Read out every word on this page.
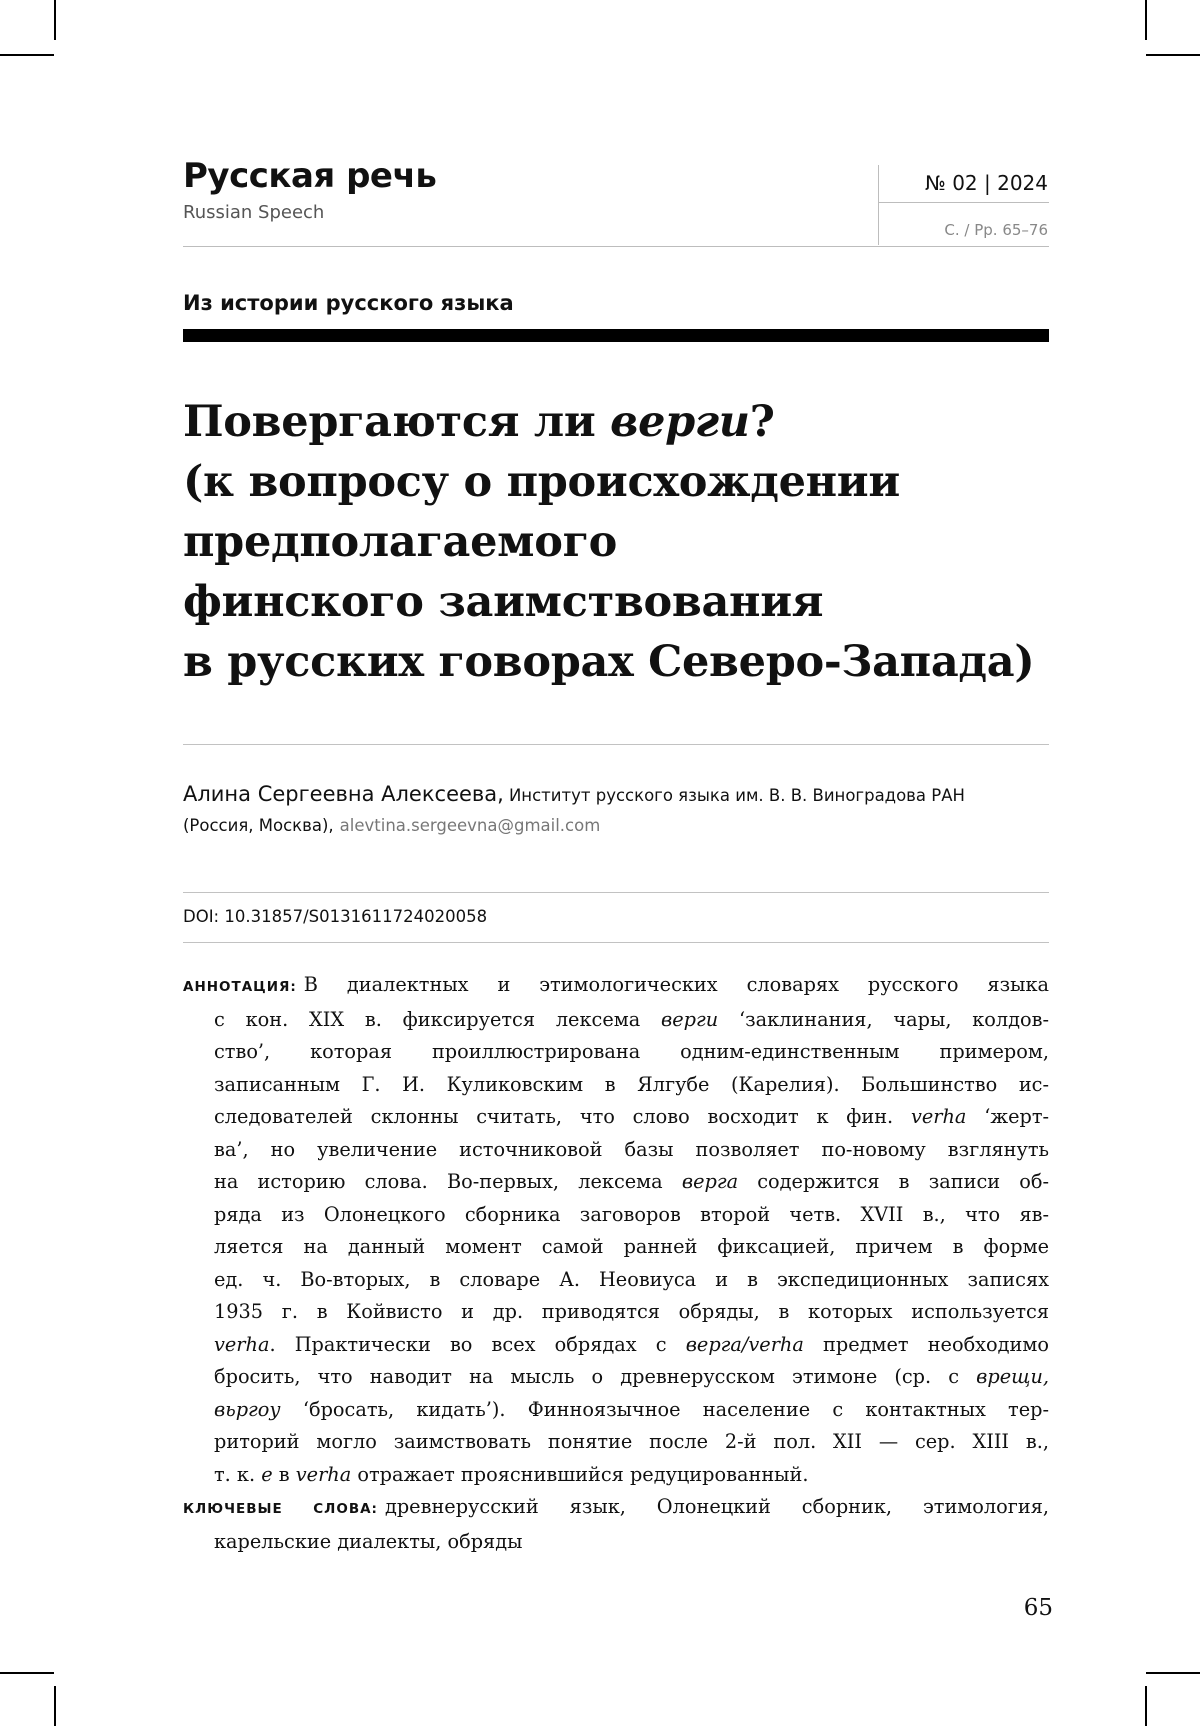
Русская речь
Russian Speech
№ 02 | 2024
С. / Pp. 65–76
Из истории русского языка
Повергаются ли верги?
(к вопросу о происхождении
предполагаемого
финского заимствования
в русских говорах Северо-Запада)
Алина Сергеевна Алексеева, Институт русского языка им. В. В. Виноградова РАН
(Россия, Москва), alevtina.sergeevna@gmail.com
DOI: 10.31857/S0131611724020058
АННОТАЦИЯ: В диалектных и этимологических словарях русского языка
с кон. XIX в. фиксируется лексема верги ‘заклинания, чары, колдов-
ство’, которая проиллюстрирована одним-единственным примером,
записанным Г. И. Куликовским в Ялгубе (Карелия). Большинство ис-
следователей склонны считать, что слово восходит к фин. verha ‘жерт-
ва’, но увеличение источниковой базы позволяет по-новому взглянуть
на историю слова. Во-первых, лексема верга содержится в записи об-
ряда из Олонецкого сборника заговоров второй четв. XVII в., что яв-
ляется на данный момент самой ранней фиксацией, причем в форме
ед. ч. Во-вторых, в словаре А. Неовиуса и в экспедиционных записях
1935 г. в Койвисто и др. приводятся обряды, в которых используется
verha. Практически во всех обрядах с верга/verha предмет необходимо
бросить, что наводит на мысль о древнерусском этимоне (ср. с врещи,
вьргоу ‘бросать, кидать’). Финноязычное население с контактных тер-
риторий могло заимствовать понятие после 2-й пол. XII — сер. XIII в.,
т. к. е в verha отражает прояснившийся редуцированный.
КЛЮЧЕВЫЕ СЛОВА: древнерусский язык, Олонецкий сборник, этимология,
карельские диалекты, обряды
65
